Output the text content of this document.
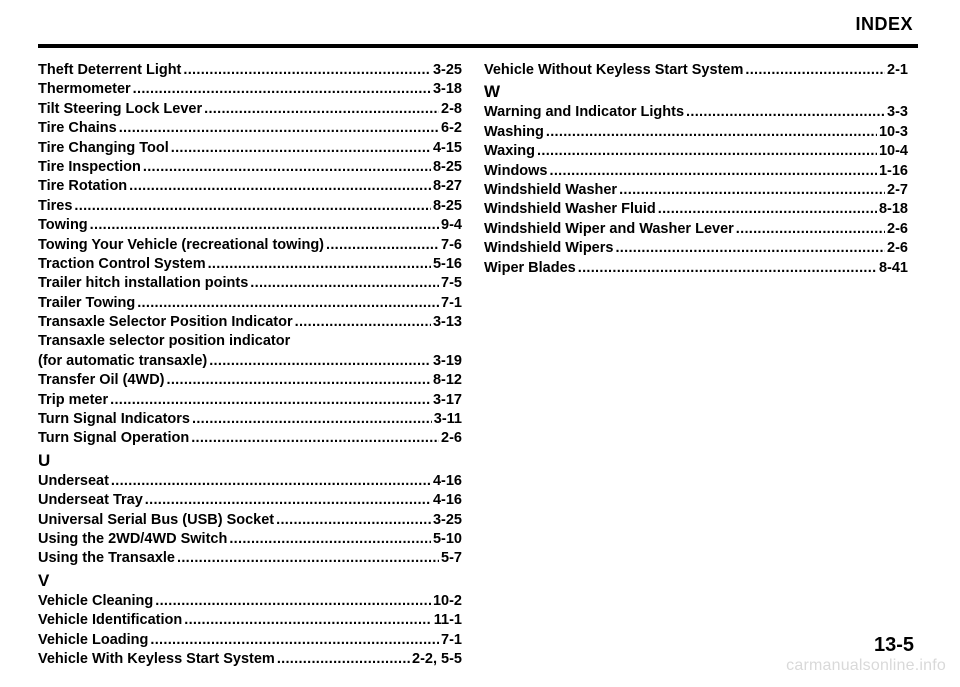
INDEX
Theft Deterrent Light .....	3-25
Thermometer .....	3-18
Tilt Steering Lock Lever .....	2-8
Tire Chains .....	6-2
Tire Changing Tool .....	4-15
Tire Inspection .....	8-25
Tire Rotation .....	8-27
Tires .....	8-25
Towing .....	9-4
Towing Your Vehicle (recreational towing) .....	7-6
Traction Control System .....	5-16
Trailer hitch installation points .....	7-5
Trailer Towing .....	7-1
Transaxle Selector Position Indicator .....	3-13
Transaxle selector position indicator
(for automatic transaxle) .....	3-19
Transfer Oil (4WD) .....	8-12
Trip meter .....	3-17
Turn Signal Indicators .....	3-11
Turn Signal Operation .....	2-6
U
Underseat .....	4-16
Underseat Tray .....	4-16
Universal Serial Bus (USB) Socket .....	3-25
Using the 2WD/4WD Switch .....	5-10
Using the Transaxle .....	5-7
V
Vehicle Cleaning .....	10-2
Vehicle Identification .....	11-1
Vehicle Loading .....	7-1
Vehicle With Keyless Start System .....	2-2, 5-5
Vehicle Without Keyless Start System .....	2-1
W
Warning and Indicator Lights .....	3-3
Washing .....	10-3
Waxing .....	10-4
Windows .....	1-16
Windshield Washer .....	2-7
Windshield Washer Fluid .....	8-18
Windshield Wiper and Washer Lever .....	2-6
Windshield Wipers .....	2-6
Wiper Blades .....	8-41
13-5
carmanualsonline.info
